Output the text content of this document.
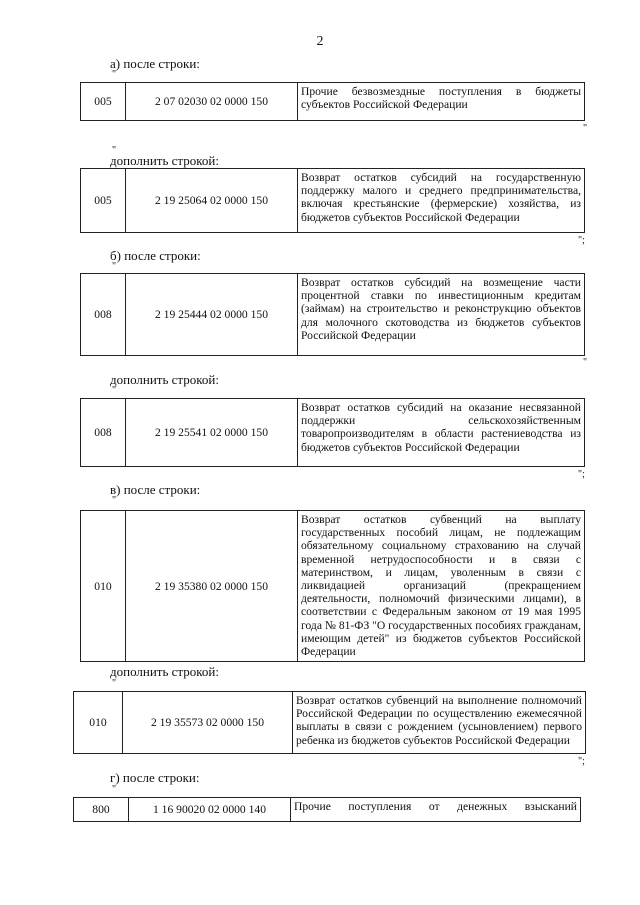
2
а) после строки:
"
005	2 07 02030 02 0000 150	Прочие безвозмездные поступления в бюджеты субъектов Российской Федерации
"
"
дополнить строкой:
005	2 19 25064 02 0000 150	Возврат остатков субсидий на государственную поддержку малого и среднего предпринимательства, включая крестьянские (фермерские) хозяйства, из бюджетов субъектов Российской Федерации
";
б) после строки:
"
008	2 19 25444 02 0000 150	Возврат остатков субсидий на возмещение части процентной ставки по инвестиционным кредитам (займам) на строительство и реконструкцию объектов для молочного скотоводства из бюджетов субъектов Российской Федерации
"
дополнить строкой:
"
008	2 19 25541 02 0000 150	Возврат остатков субсидий на оказание несвязанной поддержки сельскохозяйственным товаропроизводителям в области растениеводства из бюджетов субъектов Российской Федерации
";
в) после строки:
"
010	2 19 35380 02 0000 150	Возврат остатков субвенций на выплату государственных пособий лицам, не подлежащим обязательному социальному страхованию на случай временной нетрудоспособности и в связи с материнством, и лицам, уволенным в связи с ликвидацией организаций (прекращением деятельности, полномочий физическими лицами), в соответствии с Федеральным законом от 19 мая 1995 года № 81-ФЗ "О государственных пособиях гражданам, имеющим детей" из бюджетов субъектов Российской Федерации
дополнить строкой:
"
010	2 19 35573 02 0000 150	Возврат остатков субвенций на выполнение полномочий Российской Федерации по осуществлению ежемесячной выплаты в связи с рождением (усыновлением) первого ребенка из бюджетов субъектов Российской Федерации
";
г) после строки:
"
800	1 16 90020 02 0000 140	Прочие поступления от денежных взысканий
